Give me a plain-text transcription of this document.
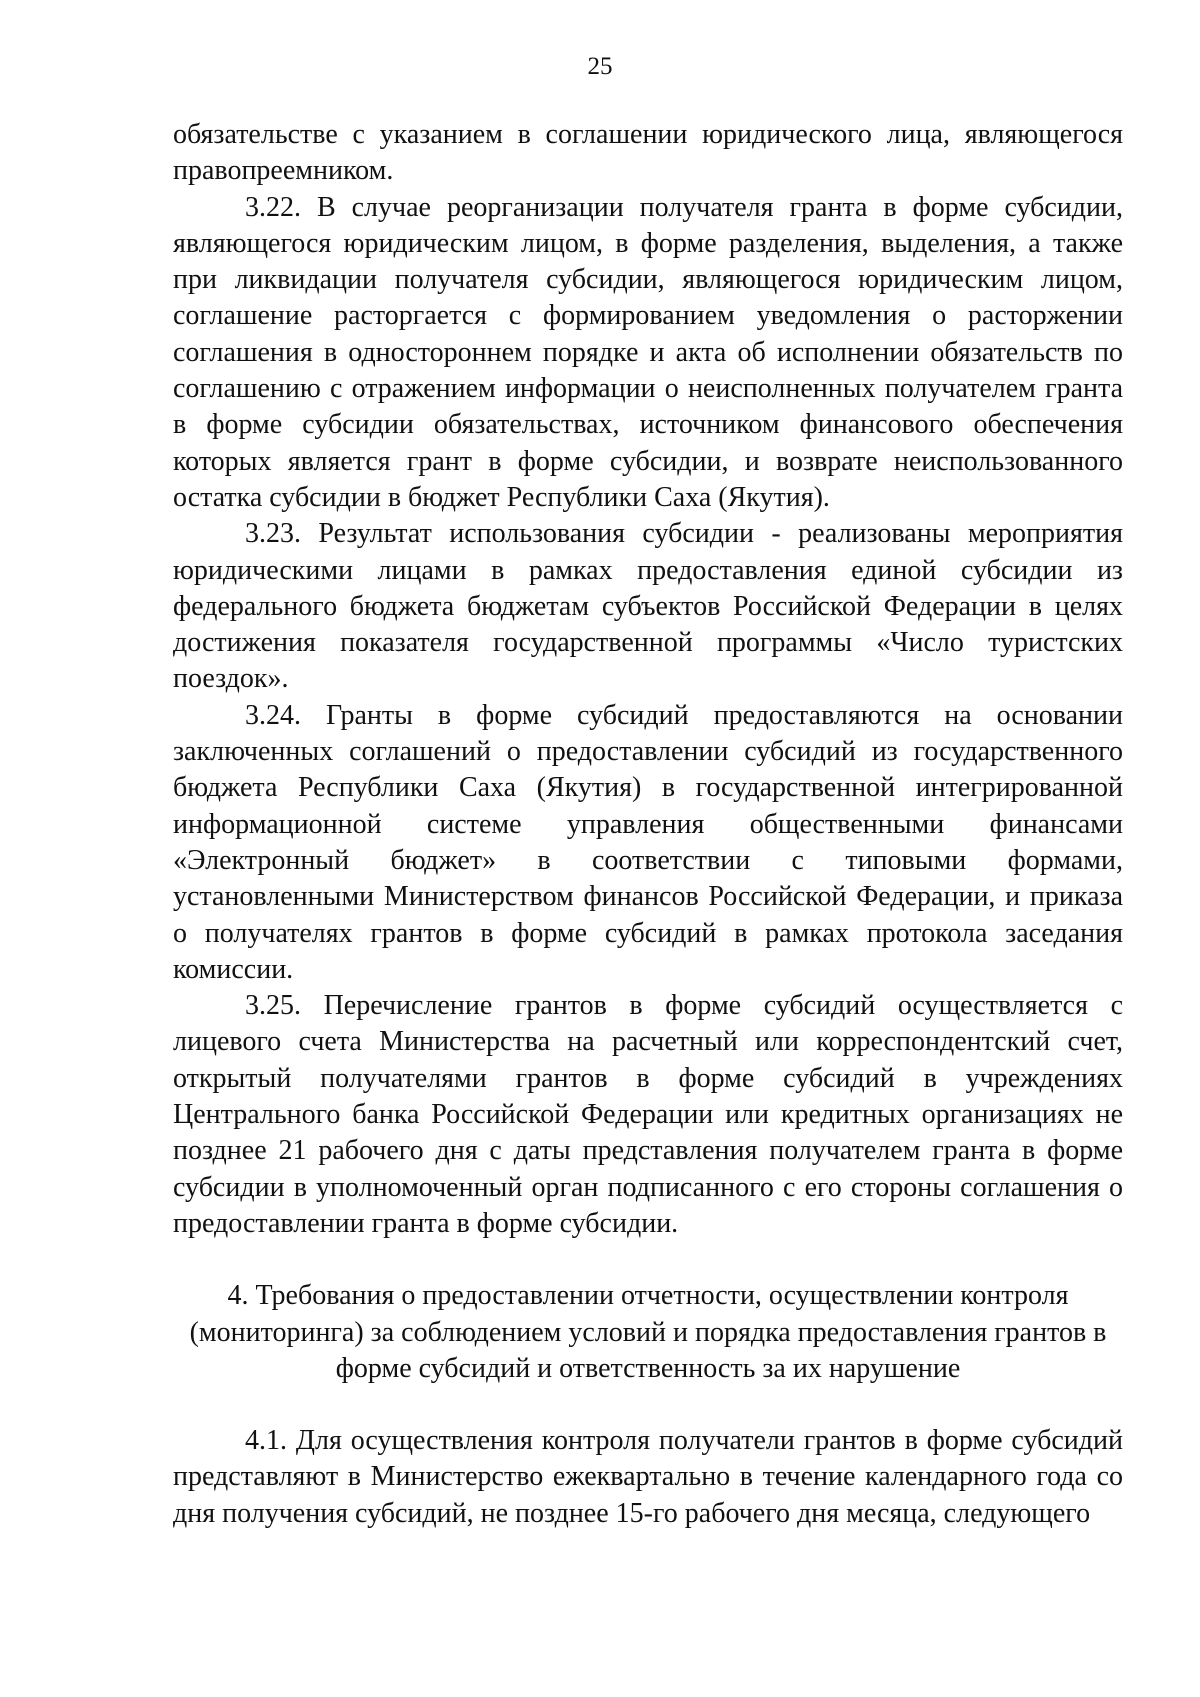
25

обязательстве с указанием в соглашении юридического лица, являющегося правопреемником.

3.22. В случае реорганизации получателя гранта в форме субсидии, являющегося юридическим лицом, в форме разделения, выделения, а также при ликвидации получателя субсидии, являющегося юридическим лицом, соглашение расторгается с формированием уведомления о расторжении соглашения в одностороннем порядке и акта об исполнении обязательств по соглашению с отражением информации о неисполненных получателем гранта в форме субсидии обязательствах, источником финансового обеспечения которых является грант в форме субсидии, и возврате неиспользованного остатка субсидии в бюджет Республики Саха (Якутия).

3.23. Результат использования субсидии - реализованы мероприятия юридическими лицами в рамках предоставления единой субсидии из федерального бюджета бюджетам субъектов Российской Федерации в целях достижения показателя государственной программы «Число туристских поездок».

3.24. Гранты в форме субсидий предоставляются на основании заключенных соглашений о предоставлении субсидий из государственного бюджета Республики Саха (Якутия) в государственной интегрированной информационной системе управления общественными финансами «Электронный бюджет» в соответствии с типовыми формами, установленными Министерством финансов Российской Федерации, и приказа о получателях грантов в форме субсидий в рамках протокола заседания комиссии.

3.25. Перечисление грантов в форме субсидий осуществляется с лицевого счета Министерства на расчетный или корреспондентский счет, открытый получателями грантов в форме субсидий в учреждениях Центрального банка Российской Федерации или кредитных организациях не позднее 21 рабочего дня с даты представления получателем гранта в форме субсидии в уполномоченный орган подписанного с его стороны соглашения о предоставлении гранта в форме субсидии.

4. Требования о предоставлении отчетности, осуществлении контроля (мониторинга) за соблюдением условий и порядка предоставления грантов в форме субсидий и ответственность за их нарушение

4.1. Для осуществления контроля получатели грантов в форме субсидий представляют в Министерство ежеквартально в течение календарного года со дня получения субсидий, не позднее 15-го рабочего дня месяца, следующего
